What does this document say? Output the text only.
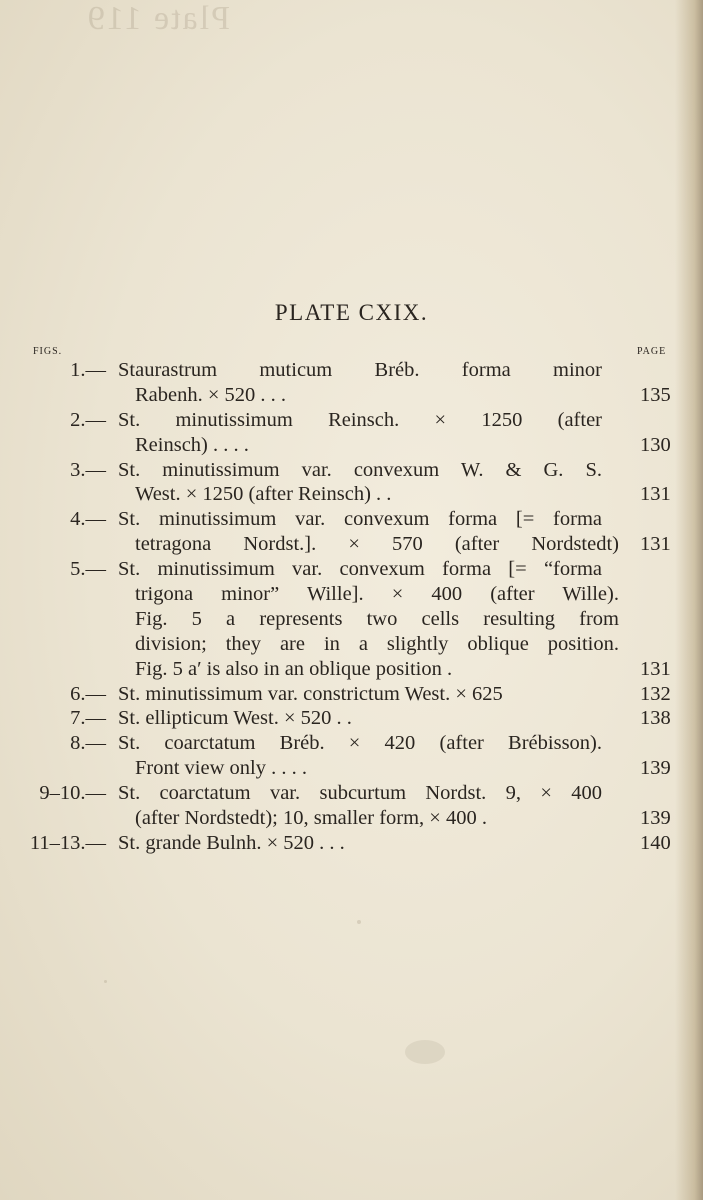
Plate 119
PLATE CXIX.
FIGS.	PAGE
1.— Staurastrum muticum Bréb. forma minor
Rabenh. × 520 . . .	135
2.— St. minutissimum Reinsch. × 1250 (after
Reinsch) . . . .	130
3.— St. minutissimum var. convexum W. & G. S.
West. × 1250 (after Reinsch) . .	131
4.— St. minutissimum var. convexum forma [= forma
tetragona Nordst.]. × 570 (after Nordstedt) 131
5.— St. minutissimum var. convexum forma [= “forma
trigona minor” Wille]. × 400 (after Wille).
Fig. 5 a represents two cells resulting from
division; they are in a slightly oblique position.
Fig. 5 a′ is also in an oblique position .	131
6.— St. minutissimum var. constrictum West. × 625	132
7.— St. ellipticum West. × 520 . .	138
8.— St. coarctatum Bréb. × 420 (after Brébisson).
Front view only . . . .	139
9–10.— St. coarctatum var. subcurtum Nordst. 9, × 400
(after Nordstedt); 10, smaller form, × 400 .	139
11–13.— St. grande Bulnh. × 520 . . .	140
